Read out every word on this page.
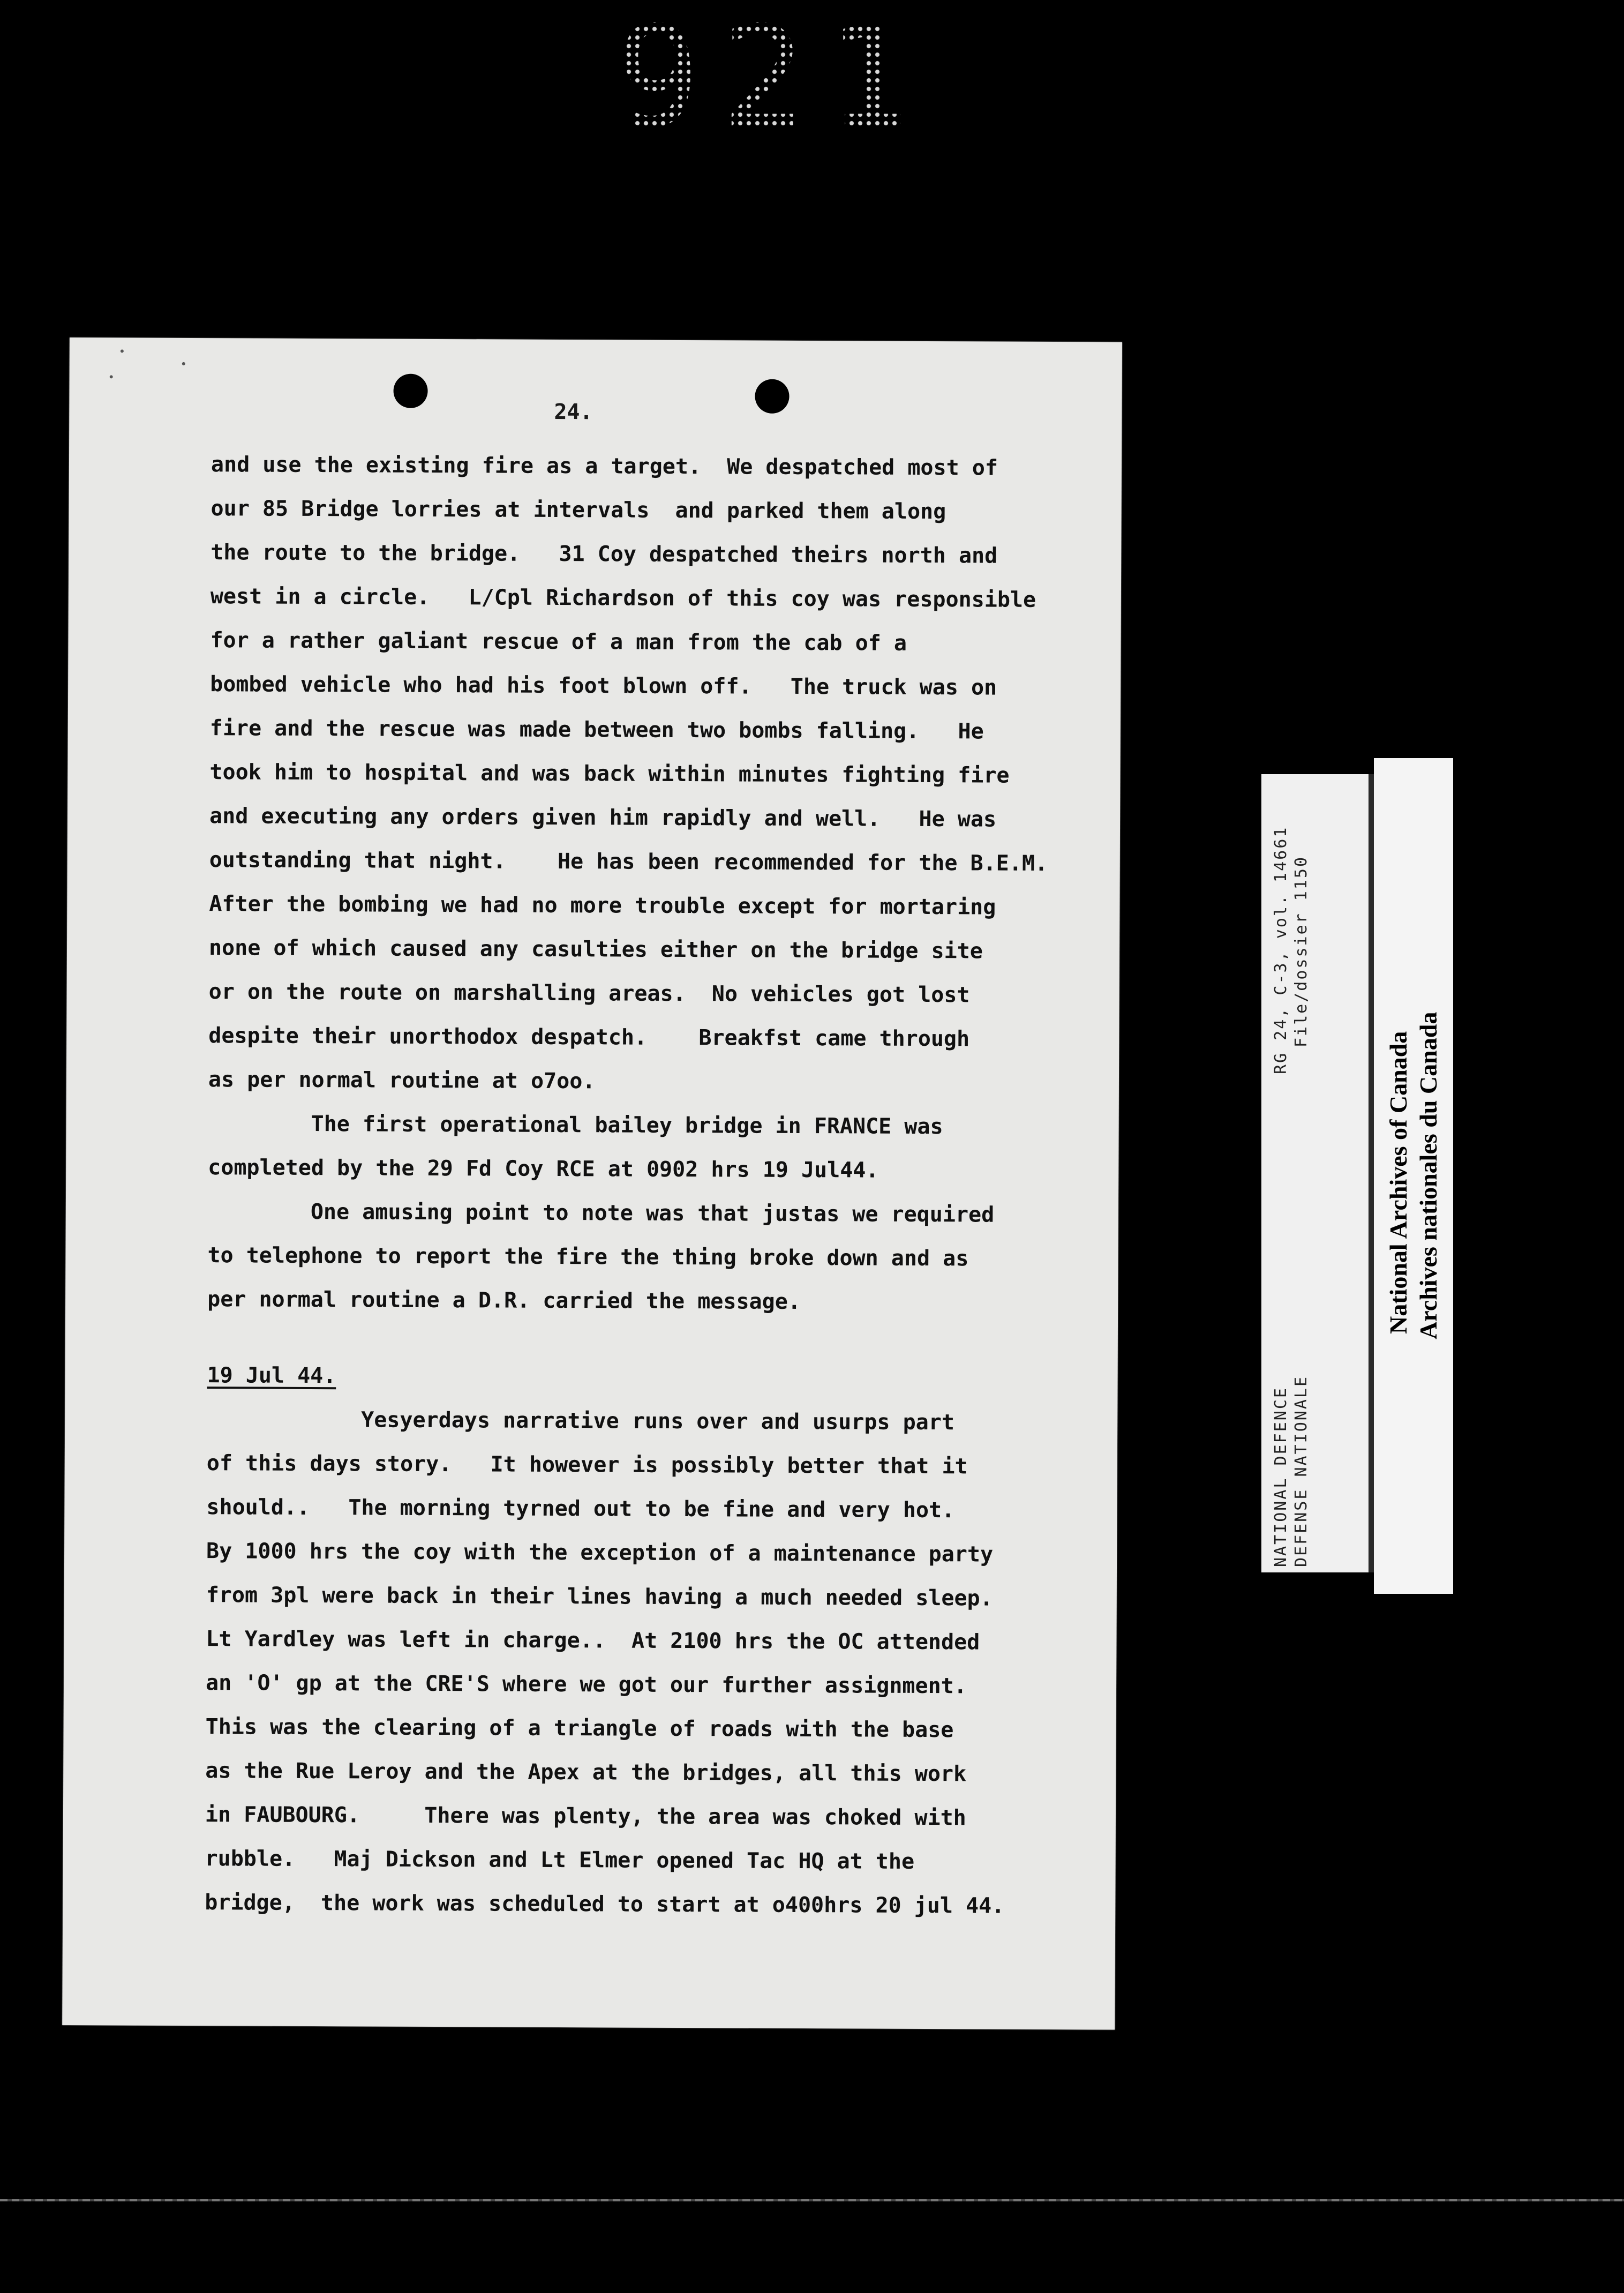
921
24.
and use the existing fire as a target.  We despatched most of
our 85 Bridge lorries at intervals  and parked them along
the route to the bridge.   31 Coy despatched theirs north and
west in a circle.   L/Cpl Richardson of this coy was responsible
for a rather galiant rescue of a man from the cab of a
bombed vehicle who had his foot blown off.   The truck was on
fire and the rescue was made between two bombs falling.   He
took him to hospital and was back within minutes fighting fire
and executing any orders given him rapidly and well.   He was
outstanding that night.    He has been recommended for the B.E.M.
After the bombing we had no more trouble except for mortaring
none of which caused any casulties either on the bridge site
or on the route on marshalling areas.  No vehicles got lost
despite their unorthodox despatch.    Breakfst came through
as per normal routine at o7oo.
The first operational bailey bridge in FRANCE was
completed by the 29 Fd Coy RCE at 0902 hrs 19 Jul44.
One amusing point to note was that justas we required
to telephone to report the fire the thing broke down and as
per normal routine a D.R. carried the message.
19 Jul 44.
Yesyerdays narrative runs over and usurps part
of this days story.   It however is possibly better that it
should..   The morning tyrned out to be fine and very hot.
By 1000 hrs the coy with the exception of a maintenance party
from 3pl were back in their lines having a much needed sleep.
Lt Yardley was left in charge..  At 2100 hrs the OC attended
an 'O' gp at the CRE'S where we got our further assignment.
This was the clearing of a triangle of roads with the base
as the Rue Leroy and the Apex at the bridges, all this work
in FAUBOURG.     There was plenty, the area was choked with
rubble.   Maj Dickson and Lt Elmer opened Tac HQ at the
bridge,  the work was scheduled to start at o400hrs 20 jul 44.
RG 24, C-3, vol. 14661 File/dossier 1150
NATIONAL DEFENCE DEFENSE NATIONALE
National Archives of Canada Archives nationales du Canada
